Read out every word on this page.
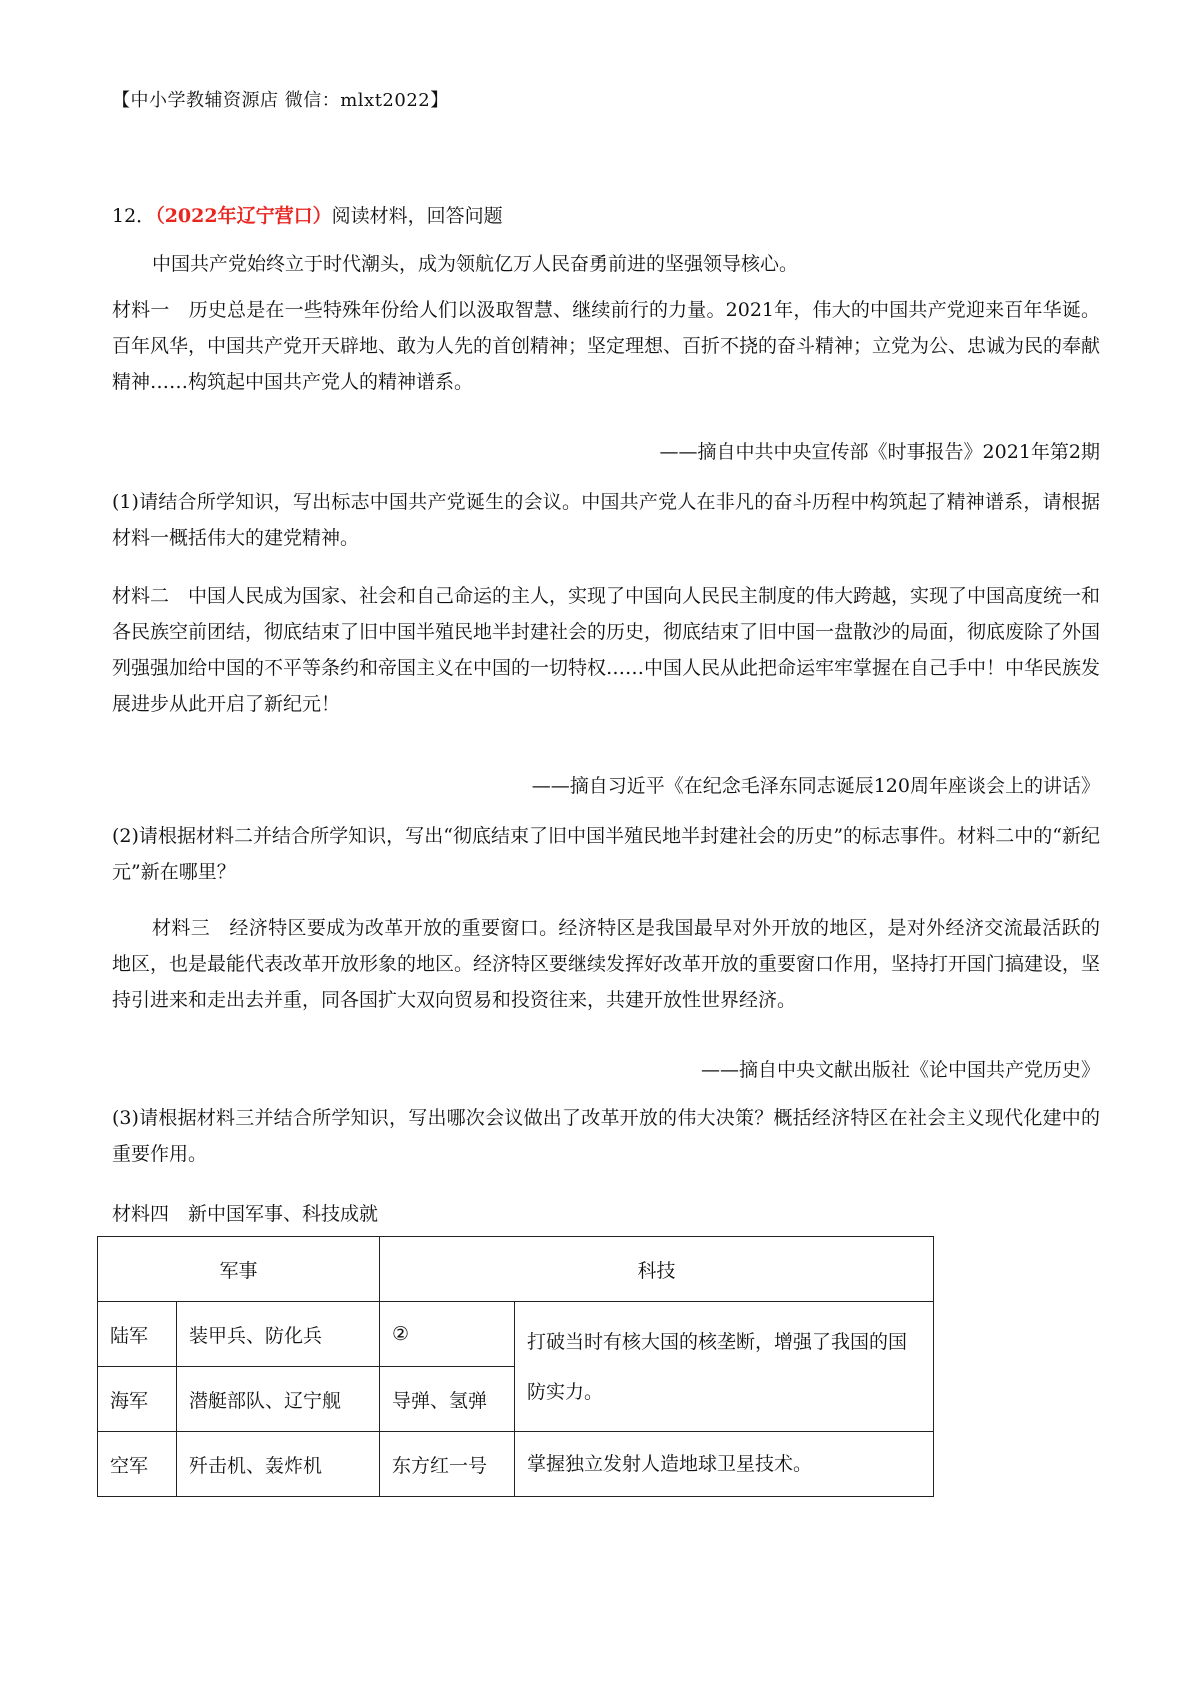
【中小学教辅资源店 微信：mlxt2022】
12．（2022年辽宁营口）阅读材料，回答问题
中国共产党始终立于时代潮头，成为领航亿万人民奋勇前进的坚强领导核心。
材料一　历史总是在一些特殊年份给人们以汲取智慧、继续前行的力量。2021年，伟大的中国共产党迎来百年华诞。百年风华，中国共产党开天辟地、敢为人先的首创精神；坚定理想、百折不挠的奋斗精神；立党为公、忠诚为民的奉献精神……构筑起中国共产党人的精神谱系。
——摘自中共中央宣传部《时事报告》2021年第2期
(1)请结合所学知识，写出标志中国共产党诞生的会议。中国共产党人在非凡的奋斗历程中构筑起了精神谱系，请根据材料一概括伟大的建党精神。
材料二　中国人民成为国家、社会和自己命运的主人，实现了中国向人民民主制度的伟大跨越，实现了中国高度统一和各民族空前团结，彻底结束了旧中国半殖民地半封建社会的历史，彻底结束了旧中国一盘散沙的局面，彻底废除了外国列强强加给中国的不平等条约和帝国主义在中国的一切特权……中国人民从此把命运牢牢掌握在自己手中！中华民族发展进步从此开启了新纪元！
——摘自习近平《在纪念毛泽东同志诞辰120周年座谈会上的讲话》
(2)请根据材料二并结合所学知识，写出“彻底结束了旧中国半殖民地半封建社会的历史”的标志事件。材料二中的“新纪元”新在哪里？
材料三　经济特区要成为改革开放的重要窗口。经济特区是我国最早对外开放的地区，是对外经济交流最活跃的地区，也是最能代表改革开放形象的地区。经济特区要继续发挥好改革开放的重要窗口作用，坚持打开国门搞建设，坚持引进来和走出去并重，同各国扩大双向贸易和投资往来，共建开放性世界经济。
——摘自中央文献出版社《论中国共产党历史》
(3)请根据材料三并结合所学知识，写出哪次会议做出了改革开放的伟大决策？概括经济特区在社会主义现代化建中的重要作用。
材料四　新中国军事、科技成就
军事		科技	
陆军	装甲兵、防化兵	②	打破当时有核大国的核垄断，增强了我国的国防实力。
海军	潜艇部队、辽宁舰	导弹、氢弹	
空军	歼击机、轰炸机	东方红一号	掌握独立发射人造地球卫星技术。
